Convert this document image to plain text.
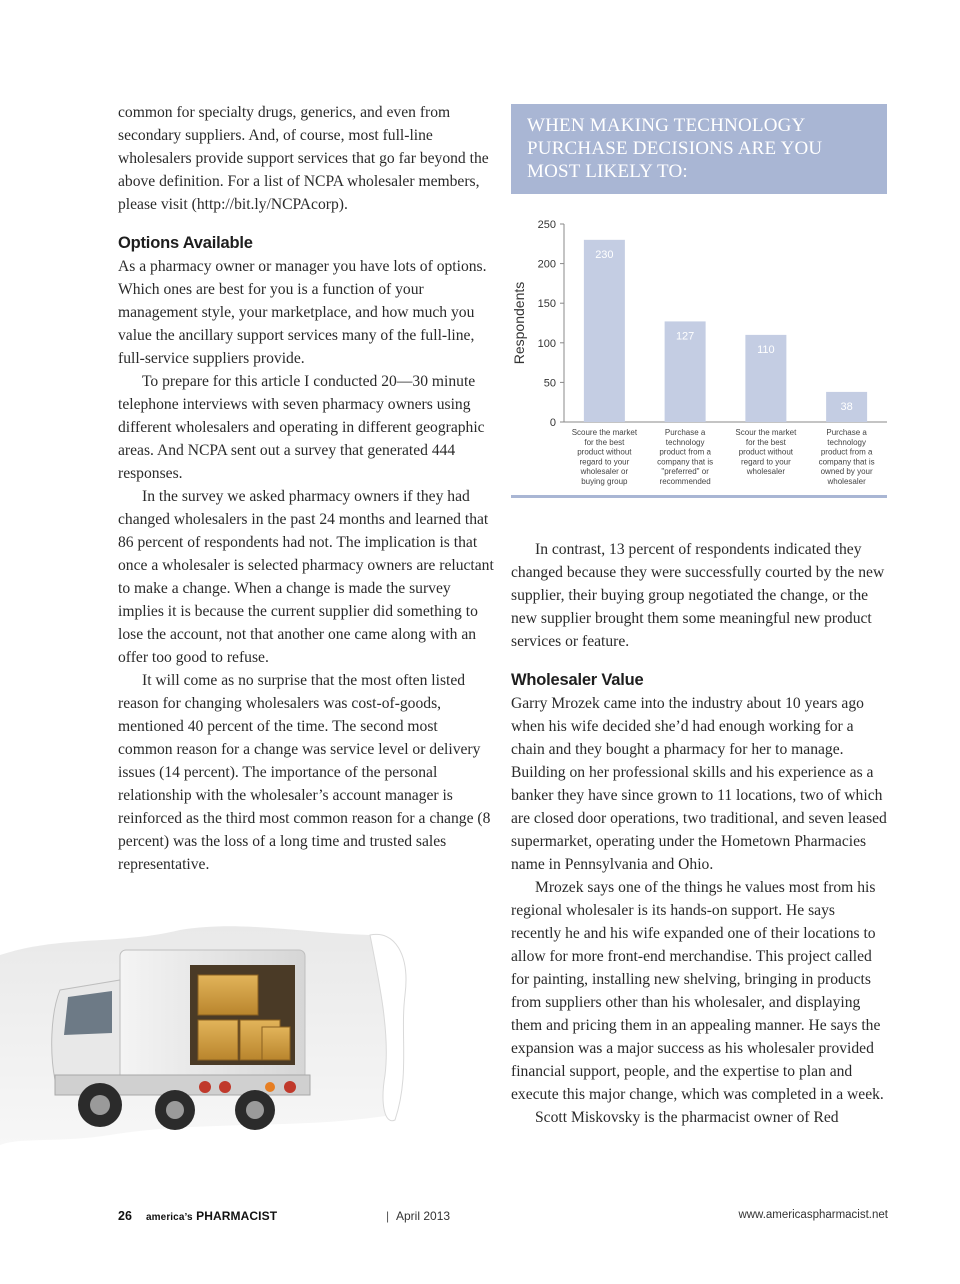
common for specialty drugs, generics, and even from secondary suppliers. And, of course, most full-line wholesalers provide support services that go far beyond the above definition. For a list of NCPA wholesaler members, please visit (http://bit.ly/NCPAcorp).

Options Available

As a pharmacy owner or manager you have lots of options. Which ones are best for you is a function of your management style, your marketplace, and how much you value the ancillary support services many of the full-line, full-service suppliers provide.

To prepare for this article I conducted 20—30 minute telephone interviews with seven pharmacy owners using different wholesalers and operating in different geographic areas. And NCPA sent out a survey that generated 444 responses.

In the survey we asked pharmacy owners if they had changed wholesalers in the past 24 months and learned that 86 percent of respondents had not. The implication is that once a wholesaler is selected pharmacy owners are reluctant to make a change. When a change is made the survey implies it is because the current supplier did something to lose the account, not that another one came along with an offer too good to refuse.

It will come as no surprise that the most often listed reason for changing wholesalers was cost-of-goods, mentioned 40 percent of the time. The second most common reason for a change was service level or delivery issues (14 percent). The importance of the personal relationship with the wholesaler’s account manager is reinforced as the third most common reason for a change (8 percent) was the loss of a long time and trusted sales representative.

WHEN MAKING TECHNOLOGY PURCHASE DECISIONS ARE YOU MOST LIKELY TO:
Respondents
0
50
100
150
200
250
230
Scoure the market for the best product without regard to your wholesaler or buying group
127
Purchase a technology product from a company that is "preferred" or recommended
110
Scour the market for the best product without regard to your wholesaler
38
Purchase a technology product from a company that is owned by your wholesaler

In contrast, 13 percent of respondents indicated they changed because they were successfully courted by the new supplier, their buying group negotiated the change, or the new supplier brought them some meaningful new product services or feature.

Wholesaler Value

Garry Mrozek came into the industry about 10 years ago when his wife decided she’d had enough working for a chain and they bought a pharmacy for her to manage. Building on her professional skills and his experience as a banker they have since grown to 11 locations, two of which are closed door operations, two traditional, and seven leased supermarket, operating under the Hometown Pharmacies name in Pennsylvania and Ohio.

Mrozek says one of the things he values most from his regional wholesaler is its hands-on support. He says recently he and his wife expanded one of their locations to allow for more front-end merchandise. This project called for painting, installing new shelving, bringing in products from suppliers other than his wholesaler, and displaying them and pricing them in an appealing manner. He says the expansion was a major success as his wholesaler provided financial support, people, and the expertise to plan and execute this major change, which was completed in a week.

Scott Miskovsky is the pharmacist owner of Red

26 america’s PHARMACIST	| April 2013	www.americaspharmacist.net
